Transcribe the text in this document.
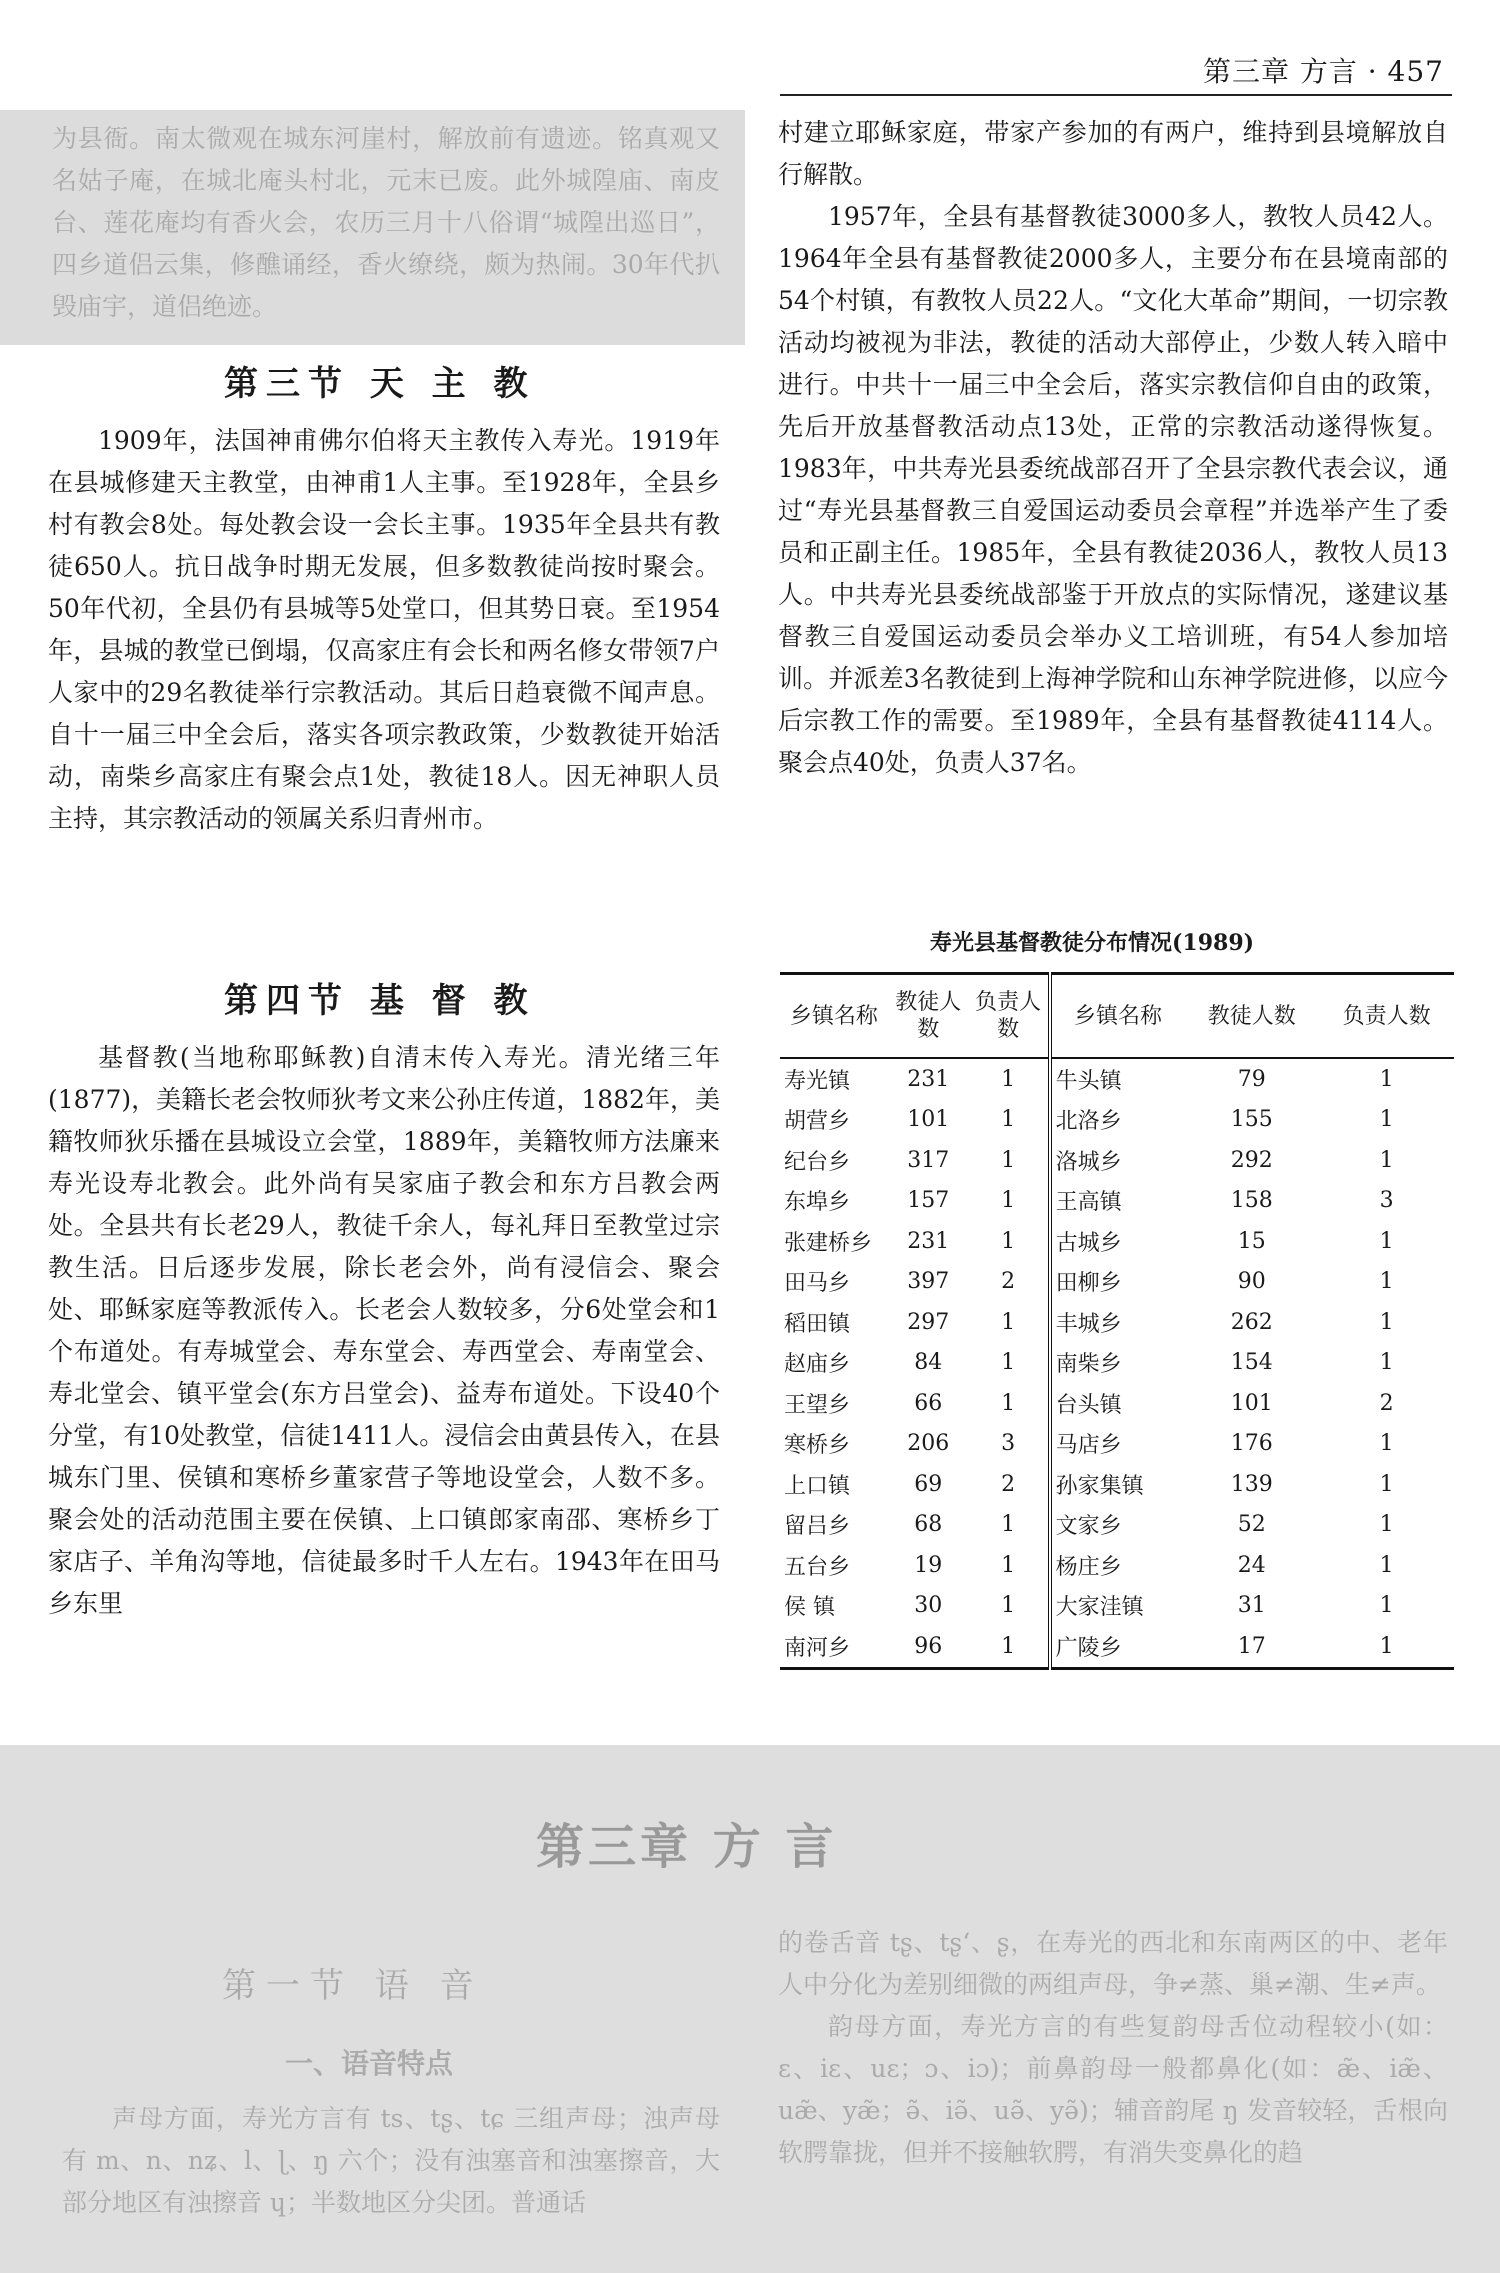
第三章 方言 · 457

为县衙。南太微观在城东河崖村，解放前有遗迹。铭真观又名姑子庵，在城北庵头村北，元末已废。此外城隍庙、南皮台、莲花庵均有香火会，农历三月十八俗谓“城隍出巡日”，四乡道侣云集，修醮诵经，香火缭绕，颇为热闹。30年代扒毁庙宇，道侣绝迹。

第三节 天 主 教

1909年，法国神甫佛尔伯将天主教传入寿光。1919年在县城修建天主教堂，由神甫1人主事。至1928年，全县乡村有教会8处。每处教会设一会长主事。1935年全县共有教徒650人。抗日战争时期无发展，但多数教徒尚按时聚会。50年代初，全县仍有县城等5处堂口，但其势日衰。至1954年，县城的教堂已倒塌，仅高家庄有会长和两名修女带领7户人家中的29名教徒举行宗教活动。其后日趋衰微不闻声息。自十一届三中全会后，落实各项宗教政策，少数教徒开始活动，南柴乡高家庄有聚会点1处，教徒18人。因无神职人员主持，其宗教活动的领属关系归青州市。

第四节 基 督 教

基督教(当地称耶稣教)自清末传入寿光。清光绪三年(1877)，美籍长老会牧师狄考文来公孙庄传道，1882年，美籍牧师狄乐播在县城设立会堂，1889年，美籍牧师方法廉来寿光设寿北教会。此外尚有吴家庙子教会和东方吕教会两处。全县共有长老29人，教徒千余人，每礼拜日至教堂过宗教生活。日后逐步发展，除长老会外，尚有浸信会、聚会处、耶稣家庭等教派传入。长老会人数较多，分6处堂会和1个布道处。有寿城堂会、寿东堂会、寿西堂会、寿南堂会、寿北堂会、镇平堂会(东方吕堂会)、益寿布道处。下设40个分堂，有10处教堂，信徒1411人。浸信会由黄县传入，在县城东门里、侯镇和寒桥乡董家营子等地设堂会，人数不多。聚会处的活动范围主要在侯镇、上口镇郎家南邵、寒桥乡丁家店子、羊角沟等地，信徒最多时千人左右。1943年在田马乡东里

村建立耶稣家庭，带家产参加的有两户，维持到县境解放自行解散。

1957年，全县有基督教徒3000多人，教牧人员42人。1964年全县有基督教徒2000多人，主要分布在县境南部的54个村镇，有教牧人员22人。“文化大革命”期间，一切宗教活动均被视为非法，教徒的活动大部停止，少数人转入暗中进行。中共十一届三中全会后，落实宗教信仰自由的政策，先后开放基督教活动点13处，正常的宗教活动遂得恢复。1983年，中共寿光县委统战部召开了全县宗教代表会议，通过“寿光县基督教三自爱国运动委员会章程”并选举产生了委员和正副主任。1985年，全县有教徒2036人，教牧人员13人。中共寿光县委统战部鉴于开放点的实际情况，遂建议基督教三自爱国运动委员会举办义工培训班，有54人参加培训。并派差3名教徒到上海神学院和山东神学院进修，以应今后宗教工作的需要。至1989年，全县有基督教徒4114人。聚会点40处，负责人37名。

寿光县基督教徒分布情况(1989)
乡镇名称	教徒人数	负责人数	乡镇名称	教徒人数	负责人数
寿光镇	231	1	牛头镇	79	1
胡营乡	101	1	北洛乡	155	1
纪台乡	317	1	洛城乡	292	1
东埠乡	157	1	王高镇	158	3
张建桥乡	231	1	古城乡	15	1
田马乡	397	2	田柳乡	90	1
稻田镇	297	1	丰城乡	262	1
赵庙乡	84	1	南柴乡	154	1
王望乡	66	1	台头镇	101	2
寒桥乡	206	3	马店乡	176	1
上口镇	69	2	孙家集镇	139	1
留吕乡	68	1	文家乡	52	1
五台乡	19	1	杨庄乡	24	1
侯 镇	30	1	大家洼镇	31	1
南河乡	96	1	广陵乡	17	1
第三章 方 言
第一节 语 音
一、语音特点

声母方面，寿光方言有 ts、tʂ、tɕ 三组声母；浊声母有 m、n、nʑ、l、ɭ、ŋ 六个；没有浊塞音和浊塞擦音，大部分地区有浊擦音 ɥ；半数地区分尖团。普通话

的卷舌音 tʂ、tʂʻ、ʂ，在寿光的西北和东南两区的中、老年人中分化为差别细微的两组声母，争≠蒸、巢≠潮、生≠声。

韵母方面，寿光方言的有些复韵母舌位动程较小(如：ɛ、iɛ、uɛ；ɔ、iɔ)；前鼻韵母一般都鼻化(如：æ̃、iæ̃、uæ̃、yæ̃；ə̃、iə̃、uə̃、yə̃)；辅音韵尾 ŋ 发音较轻，舌根向软腭靠拢，但并不接触软腭，有消失变鼻化的趋
